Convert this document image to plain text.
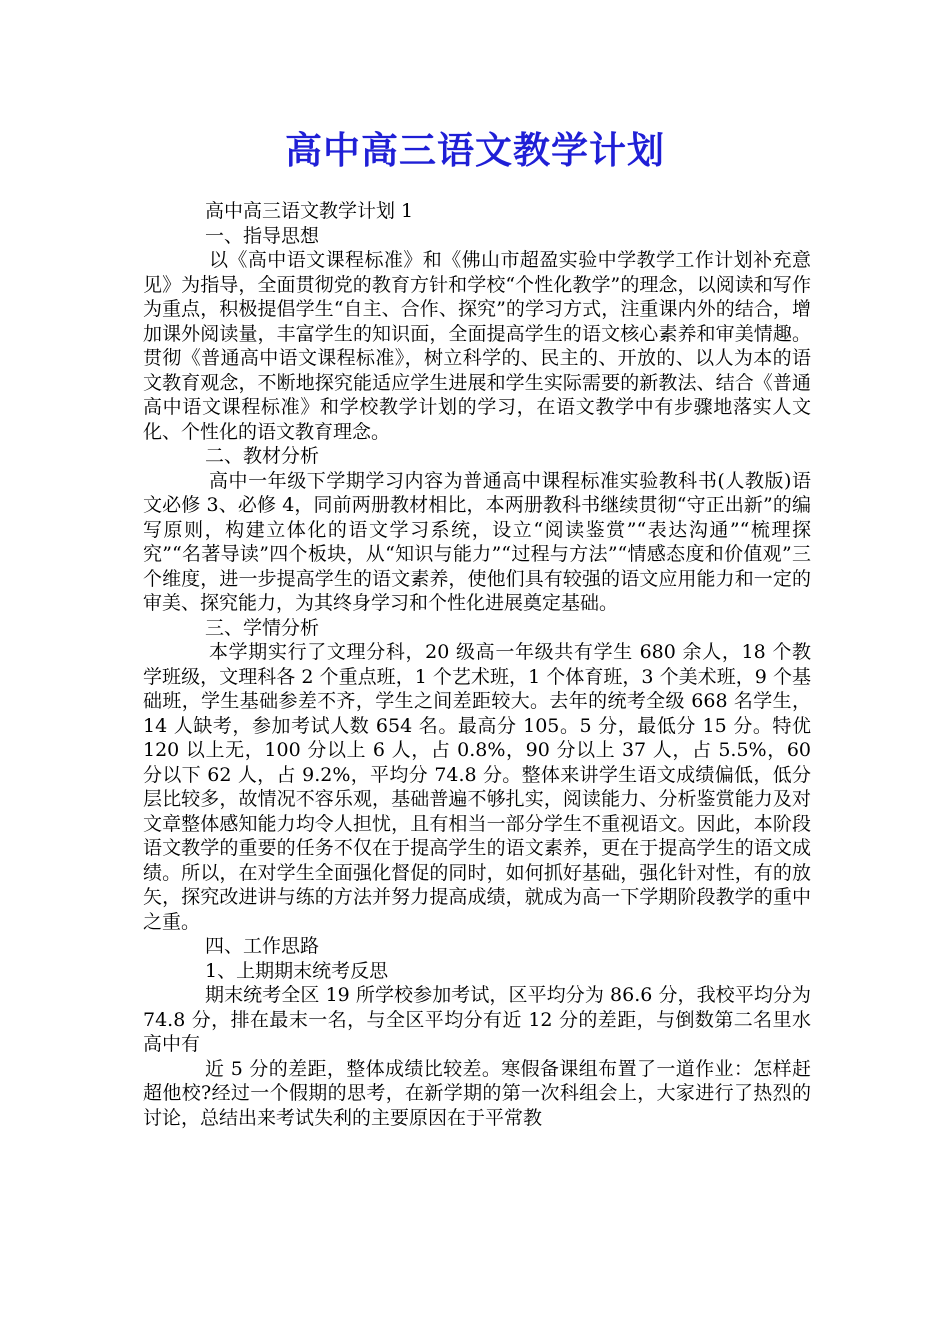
高中高三语文教学计划

高中高三语文教学计划 1

一、指导思想

以《高中语文课程标准》和《佛山市超盈实验中学教学工作计划补充意见》为指导，全面贯彻党的教育方针和学校“个性化教学”的理念，以阅读和写作为重点，积极提倡学生“自主、合作、探究”的学习方式，注重课内外的结合，增加课外阅读量，丰富学生的知识面，全面提高学生的语文核心素养和审美情趣。贯彻《普通高中语文课程标准》，树立科学的、民主的、开放的、以人为本的语文教育观念，不断地探究能适应学生进展和学生实际需要的新教法、结合《普通高中语文课程标准》和学校教学计划的学习，在语文教学中有步骤地落实人文化、个性化的语文教育理念。

二、教材分析

高中一年级下学期学习内容为普通高中课程标准实验教科书(人教版)语文必修 3、必修 4，同前两册教材相比，本两册教科书继续贯彻“守正出新”的编写原则，构建立体化的语文学习系统，设立“阅读鉴赏”“表达沟通”“梳理探究”“名著导读”四个板块，从“知识与能力”“过程与方法”“情感态度和价值观”三个维度，进一步提高学生的语文素养，使他们具有较强的语文应用能力和一定的审美、探究能力，为其终身学习和个性化进展奠定基础。

三、学情分析

本学期实行了文理分科，20 级高一年级共有学生 680 余人，18 个教学班级，文理科各 2 个重点班，1 个艺术班，1 个体育班，3 个美术班，9 个基础班，学生基础参差不齐，学生之间差距较大。去年的统考全级 668 名学生，14 人缺考，参加考试人数 654 名。最高分 105。5 分，最低分 15 分。特优 120 以上无，100 分以上 6 人，占 0.8%，90 分以上 37 人，占 5.5%，60 分以下 62 人，占 9.2%，平均分 74.8 分。整体来讲学生语文成绩偏低，低分层比较多，故情况不容乐观，基础普遍不够扎实，阅读能力、分析鉴赏能力及对文章整体感知能力均令人担忧，且有相当一部分学生不重视语文。因此，本阶段语文教学的重要的任务不仅在于提高学生的语文素养，更在于提高学生的语文成绩。所以，在对学生全面强化督促的同时，如何抓好基础，强化针对性，有的放矢，探究改进讲与练的方法并努力提高成绩，就成为高一下学期阶段教学的重中之重。

四、工作思路

1、上期期末统考反思

期末统考全区 19 所学校参加考试，区平均分为 86.6 分，我校平均分为 74.8 分，排在最末一名，与全区平均分有近 12 分的差距，与倒数第二名里水高中有

近 5 分的差距，整体成绩比较差。寒假备课组布置了一道作业：怎样赶超他校?经过一个假期的思考，在新学期的第一次科组会上，大家进行了热烈的讨论，总结出来考试失利的主要原因在于平常教
